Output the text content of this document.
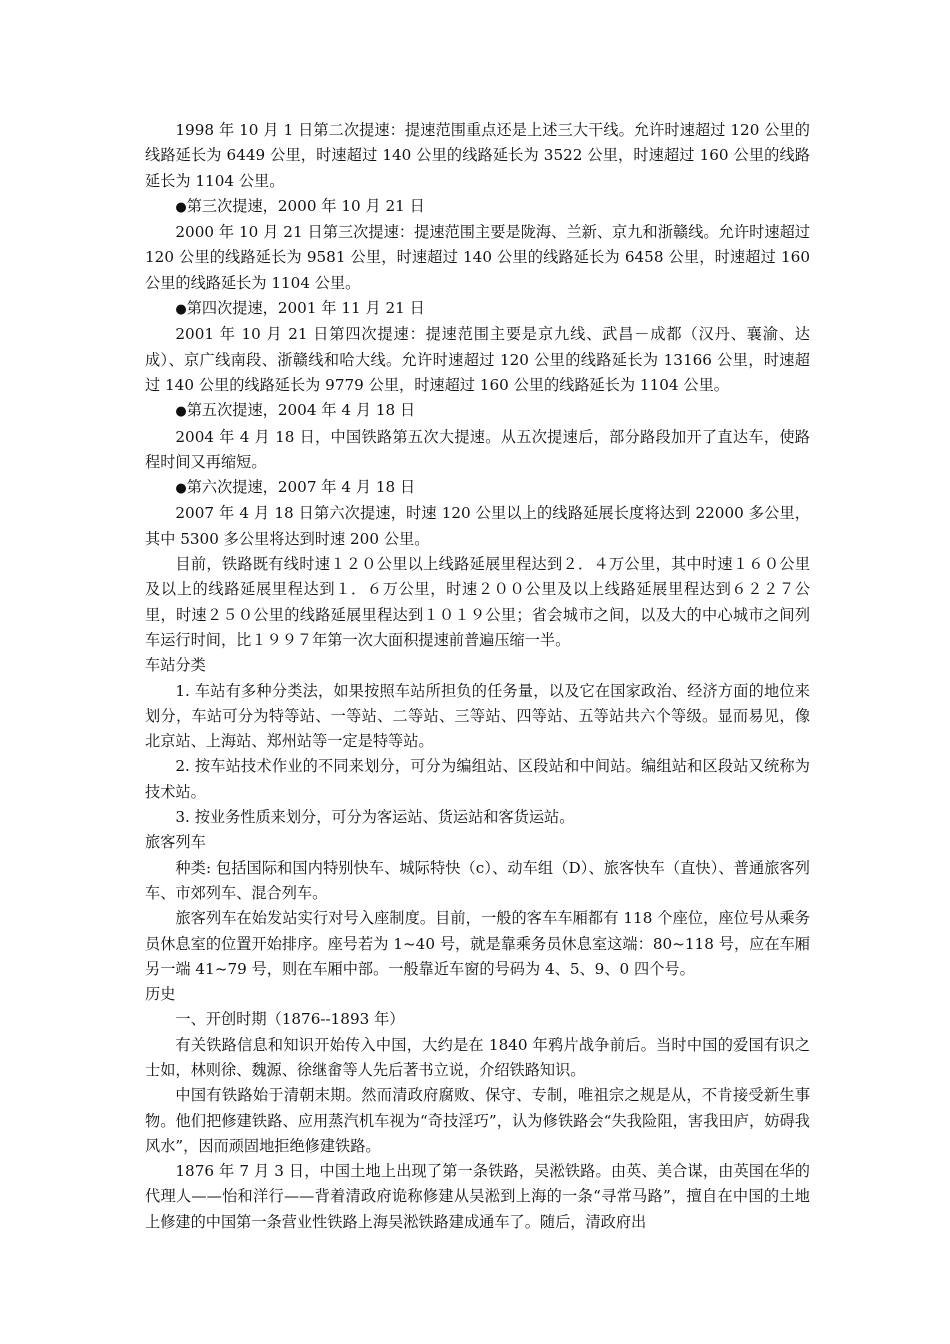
1998 年 10 月 1 日第二次提速：提速范围重点还是上述三大干线。允许时速超过 120 公里的线路延长为 6449 公里，时速超过 140 公里的线路延长为 3522 公里，时速超过 160 公里的线路延长为 1104 公里。

●第三次提速，2000 年 10 月 21 日

2000 年 10 月 21 日第三次提速：提速范围主要是陇海、兰新、京九和浙赣线。允许时速超过 120 公里的线路延长为 9581 公里，时速超过 140 公里的线路延长为 6458 公里，时速超过 160 公里的线路延长为 1104 公里。

●第四次提速，2001 年 11 月 21 日

2001 年 10 月 21 日第四次提速：提速范围主要是京九线、武昌－成都（汉丹、襄渝、达成）、京广线南段、浙赣线和哈大线。允许时速超过 120 公里的线路延长为 13166 公里，时速超过 140 公里的线路延长为 9779 公里，时速超过 160 公里的线路延长为 1104 公里。

●第五次提速，2004 年 4 月 18 日

2004 年 4 月 18 日，中国铁路第五次大提速。从五次提速后，部分路段加开了直达车，使路程时间又再缩短。

●第六次提速，2007 年 4 月 18 日

2007 年 4 月 18 日第六次提速，时速 120 公里以上的线路延展长度将达到 22000 多公里，其中 5300 多公里将达到时速 200 公里。

目前，铁路既有线时速１２０公里以上线路延展里程达到２．４万公里，其中时速１６０公里及以上的线路延展里程达到１．６万公里，时速２００公里及以上线路延展里程达到６２２７公里，时速２５０公里的线路延展里程达到１０１９公里；省会城市之间，以及大的中心城市之间列车运行时间，比１９９７年第一次大面积提速前普遍压缩一半。

车站分类

1. 车站有多种分类法，如果按照车站所担负的任务量，以及它在国家政治、经济方面的地位来划分，车站可分为特等站、一等站、二等站、三等站、四等站、五等站共六个等级。显而易见，像北京站、上海站、郑州站等一定是特等站。

2. 按车站技术作业的不同来划分，可分为编组站、区段站和中间站。编组站和区段站又统称为技术站。

3. 按业务性质来划分，可分为客运站、货运站和客货运站。

旅客列车

种类: 包括国际和国内特别快车、城际特快（c）、动车组（D）、旅客快车（直快）、普通旅客列车、市郊列车、混合列车。

旅客列车在始发站实行对号入座制度。目前，一般的客车车厢都有 118 个座位，座位号从乘务员休息室的位置开始排序。座号若为 1~40 号，就是靠乘务员休息室这端：80~118 号，应在车厢另一端 41~79 号，则在车厢中部。一般靠近车窗的号码为 4、5、9、0 四个号。

历史

一、开创时期（1876--1893 年）

有关铁路信息和知识开始传入中国，大约是在 1840 年鸦片战争前后。当时中国的爱国有识之士如，林则徐、魏源、徐继畲等人先后著书立说，介绍铁路知识。

中国有铁路始于清朝末期。然而清政府腐败、保守、专制，唯祖宗之规是从，不肯接受新生事物。他们把修建铁路、应用蒸汽机车视为“奇技淫巧”，认为修铁路会“失我险阻，害我田庐，妨碍我风水”，因而顽固地拒绝修建铁路。

1876 年 7 月 3 日，中国土地上出现了第一条铁路，吴淞铁路。由英、美合谋，由英国在华的代理人——怡和洋行——背着清政府诡称修建从吴淞到上海的一条“寻常马路”，擅自在中国的土地上修建的中国第一条营业性铁路上海吴淞铁路建成通车了。随后，清政府出
